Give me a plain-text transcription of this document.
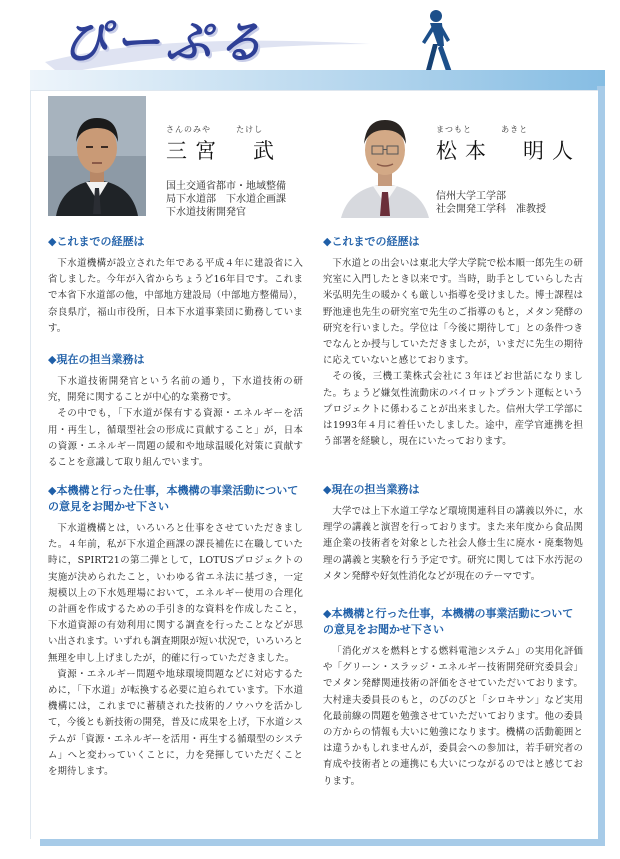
ぴーぷる
さんのみや	たけし
三宮　武
国土交通省都市・地域整備
局下水道部　下水道企画課
下水道技術開発官
◆これまでの経歴は

下水道機構が設立された年である平成４年に建設省に入省しました。今年が入省からちょうど16年目です。これまで本省下水道部の他，中部地方建設局（中部地方整備局），奈良県庁，福山市役所，日本下水道事業団に勤務しています。

◆現在の担当業務は

下水道技術開発官という名前の通り，下水道技術の研究，開発に関することが中心的な業務です。

その中でも，「下水道が保有する資源・エネルギーを活用・再生し，循環型社会の形成に貢献すること」が，日本の資源・エネルギー問題の緩和や地球温暖化対策に貢献することを意識して取り組んでいます。

◆本機構と行った仕事，本機構の事業活動についての意見をお聞かせ下さい

下水道機構とは，いろいろと仕事をさせていただきました。４年前，私が下水道企画課の課長補佐に在職していた時に，SPIRT21の第二弾として，LOTUSプロジェクトの実施が決められたこと，いわゆる省エネ法に基づき，一定規模以上の下水処理場において，エネルギー使用の合理化の計画を作成するための手引き的な資料を作成したこと，下水道資源の有効利用に関する調査を行ったことなどが思い出されます。いずれも調査期限が短い状況で，いろいろと無理を申し上げましたが，的確に行っていただきました。

資源・エネルギー問題や地球環境問題などに対応するために，「下水道」が転換する必要に迫られています。下水道機構には，これまでに蓄積された技術的ノウハウを活かして，今後とも新技術の開発，普及に成果を上げ，下水道システムが「資源・エネルギーを活用・再生する循環型のシステム」へと変わっていくことに，力を発揮していただくことを期待します。

まつもと	あきと
松本　明人
信州大学工学部
社会開発工学科　准教授
◆これまでの経歴は

下水道との出会いは東北大学大学院で松本順一郎先生の研究室に入門したとき以来です。当時，助手としていらした古米弘明先生の暖かくも厳しい指導を受けました。博士課程は野池達也先生の研究室で先生のご指導のもと，メタン発酵の研究を行いました。学位は「今後に期待して」との条件つきでなんとか授与していただきましたが，いまだに先生の期待に応えていないと感じております。

その後，三機工業株式会社に３年ほどお世話になりました。ちょうど嫌気性流動床のパイロットプラント運転というプロジェクトに係わることが出来ました。信州大学工学部には1993年４月に着任いたしました。途中，産学官連携を担う部署を経験し，現在にいたっております。

◆現在の担当業務は

大学では上下水道工学など環境関連科目の講義以外に，水理学の講義と演習を行っております。また来年度から食品関連企業の技術者を対象とした社会人修士生に廃水・廃棄物処理の講義と実験を行う予定です。研究に関しては下水汚泥のメタン発酵や好気性消化などが現在のテーマです。

◆本機構と行った仕事，本機構の事業活動についての意見をお聞かせ下さい

「消化ガスを燃料とする燃料電池システム」の実用化評価や「グリーン・スラッジ・エネルギー技術開発研究委員会」でメタン発酵関連技術の評価をさせていただいております。大村達夫委員長のもと，のびのびと「シロキサン」など実用化最前線の問題を勉強させていただいております。他の委員の方からの情報も大いに勉強になります。機構の活動範囲とは違うかもしれませんが，委員会への参加は，若手研究者の育成や技術者との連携にも大いにつながるのではと感じております。
